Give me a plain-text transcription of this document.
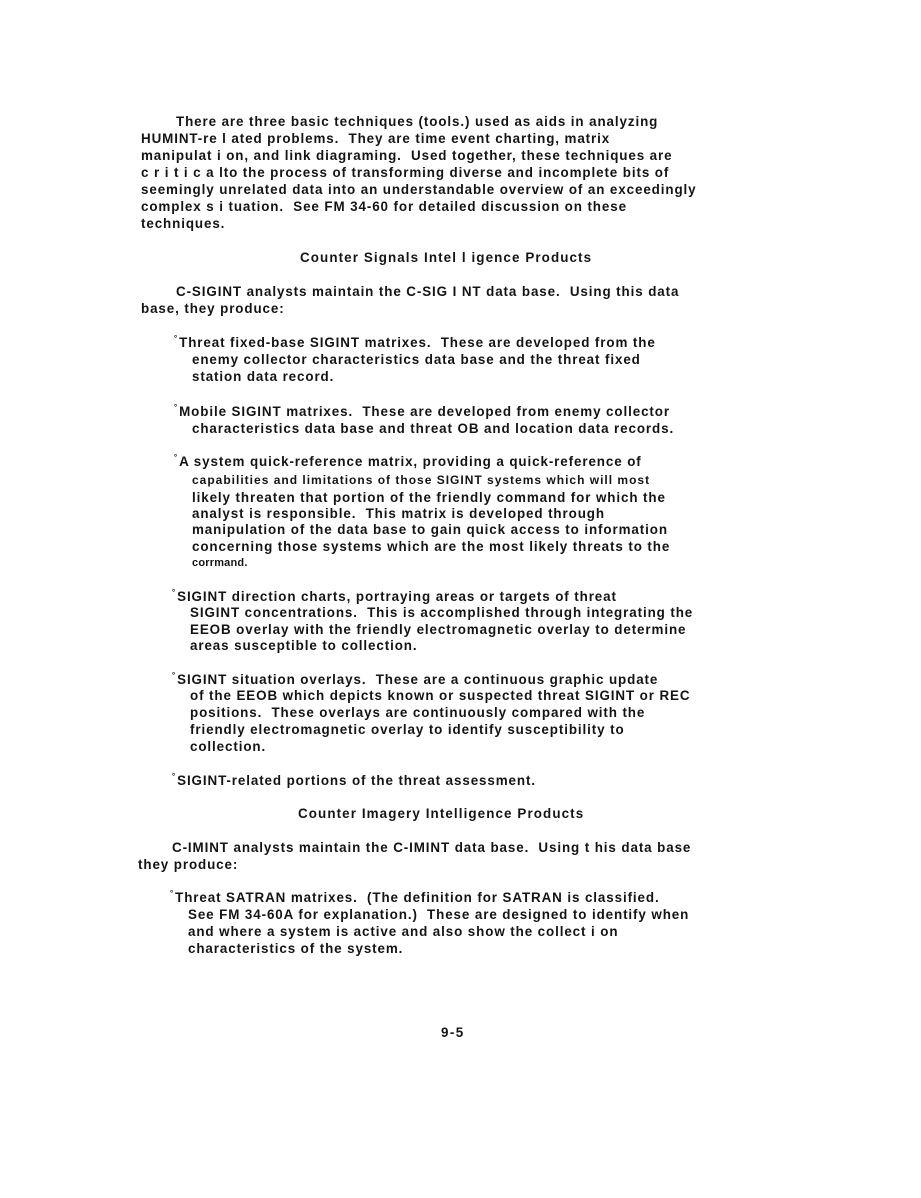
There are three basic techniques (tools.) used as aids in analyzing
HUMINT-re l ated problems.  They are time event charting, matrix
manipulat i on, and link diagraming.  Used together, these techniques are
c r i t i c a lto the process of transforming diverse and incomplete bits of
seemingly unrelated data into an understandable overview of an exceedingly
complex s i tuation.  See FM 34-60 for detailed discussion on these
techniques.
Counter Signals Intel l igence Products
C-SIGINT analysts maintain the C-SIG I NT data base.  Using this data
base, they produce:
°Threat fixed-base SIGINT matrixes.  These are developed from the
enemy collector characteristics data base and the threat fixed
station data record.
°Mobile SIGINT matrixes.  These are developed from enemy collector
characteristics data base and threat OB and location data records.
°A system quick-reference matrix, providing a quick-reference of
capabilities and limitations of those SIGINT systems which will most
likely threaten that portion of the friendly command for which the
analyst is responsible.  This matrix is developed through
manipulation of the data base to gain quick access to information
concerning those systems which are the most likely threats to the
corrmand.
°SIGINT direction charts, portraying areas or targets of threat
SIGINT concentrations.  This is accomplished through integrating the
EEOB overlay with the friendly electromagnetic overlay to determine
areas susceptible to collection.
°SIGINT situation overlays.  These are a continuous graphic update
of the EEOB which depicts known or suspected threat SIGINT or REC
positions.  These overlays are continuously compared with the
friendly electromagnetic overlay to identify susceptibility to
collection.
°SIGINT-related portions of the threat assessment.
Counter Imagery Intelligence Products
C-IMINT analysts maintain the C-IMINT data base.  Using t his data base
they produce:
°Threat SATRAN matrixes.  (The definition for SATRAN is classified.
See FM 34-60A for explanation.)  These are designed to identify when
and where a system is active and also show the collect i on
characteristics of the system.
9-5
